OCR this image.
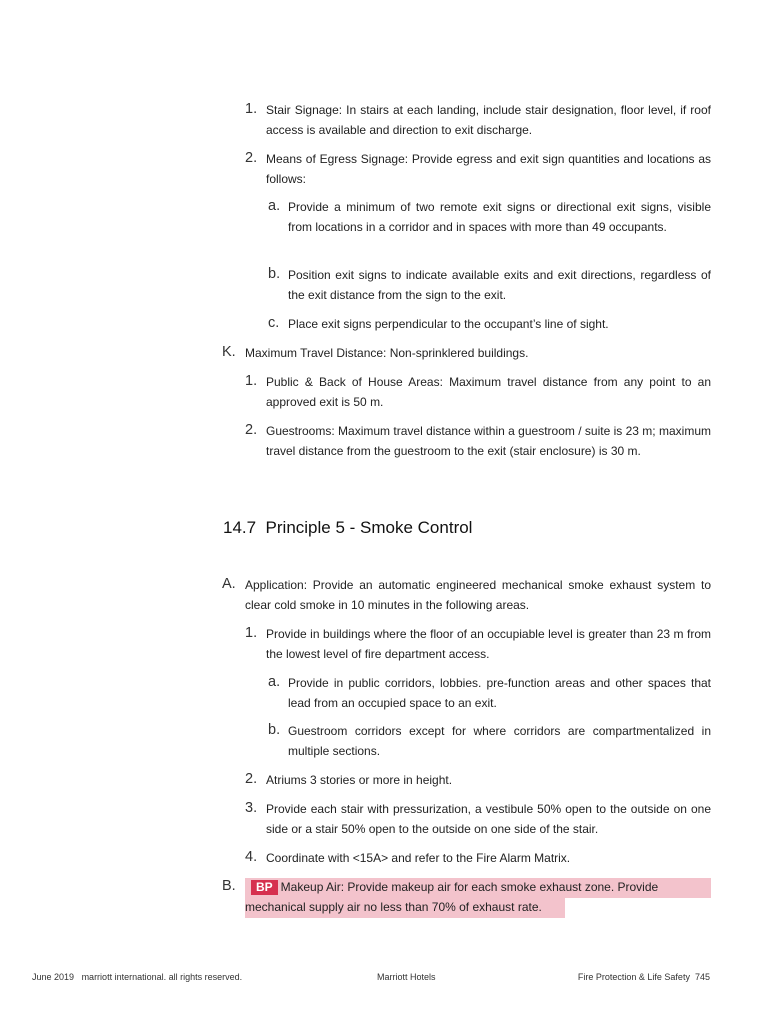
1. Stair Signage: In stairs at each landing, include stair designation, floor level, if roof access is available and direction to exit discharge.
2. Means of Egress Signage: Provide egress and exit sign quantities and locations as follows:
a. Provide a minimum of two remote exit signs or directional exit signs, visible from locations in a corridor and in spaces with more than 49 occupants.
b. Position exit signs to indicate available exits and exit directions, regardless of the exit distance from the sign to the exit.
c. Place exit signs perpendicular to the occupant’s line of sight.
K. Maximum Travel Distance: Non-sprinklered buildings.
1. Public & Back of House Areas: Maximum travel distance from any point to an approved exit is 50 m.
2. Guestrooms: Maximum travel distance within a guestroom / suite is 23 m; maximum travel distance from the guestroom to the exit (stair enclosure) is 30 m.
14.7 Principle 5 - Smoke Control
A. Application: Provide an automatic engineered mechanical smoke exhaust system to clear cold smoke in 10 minutes in the following areas.
1. Provide in buildings where the floor of an occupiable level is greater than 23 m from the lowest level of fire department access.
a. Provide in public corridors, lobbies. pre-function areas and other spaces that lead from an occupied space to an exit.
b. Guestroom corridors except for where corridors are compartmentalized in multiple sections.
2. Atriums 3 stories or more in height.
3. Provide each stair with pressurization, a vestibule 50% open to the outside on one side or a stair 50% open to the outside on one side of the stair.
4. Coordinate with <15A> and refer to the Fire Alarm Matrix.
B.	BP Makeup Air: Provide makeup air for each smoke exhaust zone. Provide
mechanical supply air no less than 70% of exhaust rate.
June 2019 marriott international. all rights reserved.	Marriott Hotels	Fire Protection & Life Safety 745
